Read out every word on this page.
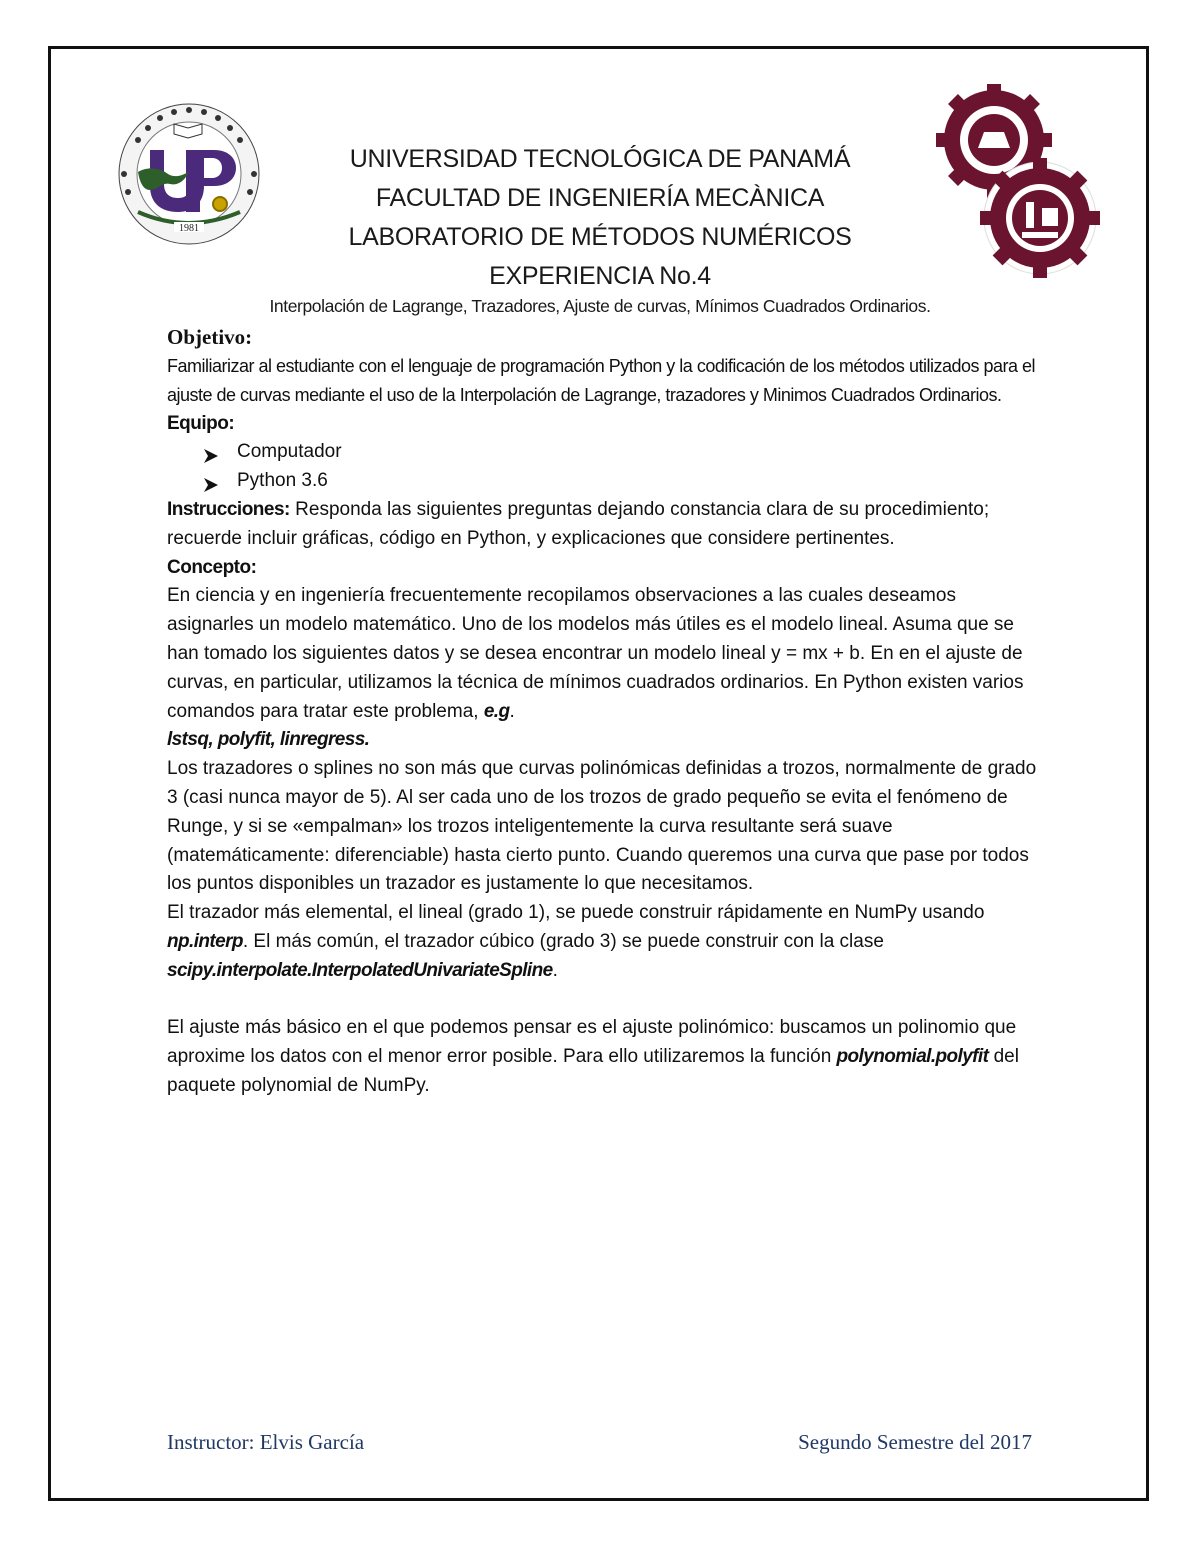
1981
UNIVERSIDAD TECNOLÓGICA DE PANAMÁ
FACULTAD DE INGENIERÍA MECÀNICA
LABORATORIO DE MÉTODOS NUMÉRICOS
EXPERIENCIA No.4
Interpolación de Lagrange, Trazadores, Ajuste de curvas, Mínimos Cuadrados Ordinarios.

Objetivo:

Familiarizar al estudiante con el lenguaje de programación Python y la codificación de los métodos utilizados para el ajuste de curvas mediante el uso de la Interpolación de Lagrange, trazadores y Minimos Cuadrados Ordinarios.

Equipo:

Computador
Python 3.6

Instrucciones: Responda las siguientes preguntas dejando constancia clara de su procedimiento; recuerde incluir gráficas, código en Python, y explicaciones que considere pertinentes.

Concepto:

En ciencia y en ingeniería frecuentemente recopilamos observaciones a las cuales deseamos asignarles un modelo matemático. Uno de los modelos más útiles es el modelo lineal. Asuma que se han tomado los siguientes datos y se desea encontrar un modelo lineal y = mx + b. En en el ajuste de curvas, en particular, utilizamos la técnica de mínimos cuadrados ordinarios. En Python existen varios comandos para tratar este problema, e.g.
lstsq, polyfit, linregress.

Los trazadores o splines no son más que curvas polinómicas definidas a trozos, normalmente de grado 3 (casi nunca mayor de 5). Al ser cada uno de los trozos de grado pequeño se evita el fenómeno de Runge, y si se «empalman» los trozos inteligentemente la curva resultante será suave (matemáticamente: diferenciable) hasta cierto punto. Cuando queremos una curva que pase por todos los puntos disponibles un trazador es justamente lo que necesitamos.

El trazador más elemental, el lineal (grado 1), se puede construir rápidamente en NumPy usando np.interp. El más común, el trazador cúbico (grado 3) se puede construir con la clase scipy.interpolate.InterpolatedUnivariateSpline.

El ajuste más básico en el que podemos pensar es el ajuste polinómico: buscamos un polinomio que aproxime los datos con el menor error posible. Para ello utilizaremos la función polynomial.polyfit del paquete polynomial de NumPy.

Instructor: Elvis García	Segundo Semestre del 2017
